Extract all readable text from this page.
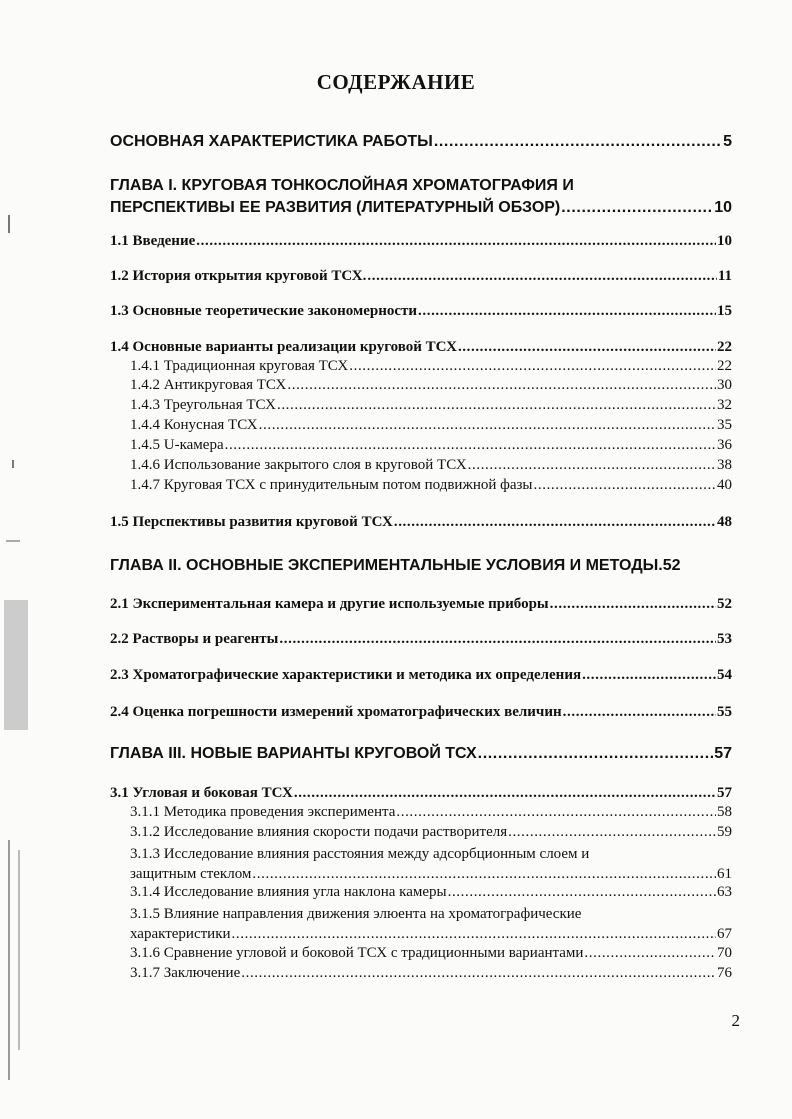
СОДЕРЖАНИЕ
ОСНОВНАЯ ХАРАКТЕРИСТИКА РАБОТЫ .....	5
ГЛАВА I. КРУГОВАЯ ТОНКОСЛОЙНАЯ ХРОМАТОГРАФИЯ И
ПЕРСПЕКТИВЫ ЕЕ РАЗВИТИЯ (ЛИТЕРАТУРНЫЙ ОБЗОР) .....	10
1.1 Введение .....	10
1.2 История открытия круговой ТСХ. .....	11
1.3 Основные теоретические закономерности .....	15
1.4 Основные варианты реализации круговой ТСХ .....	22
1.4.1 Традиционная круговая ТСХ .....	22
1.4.2 Антикруговая ТСХ .....	30
1.4.3 Треугольная ТСХ .....	32
1.4.4 Конусная ТСХ .....	35
1.4.5 U-камера .....	36
1.4.6 Использование закрытого слоя в круговой ТСХ .....	38
1.4.7 Круговая ТСХ с принудительным потом подвижной фазы .....	40
1.5 Перспективы развития круговой ТСХ .....	48
ГЛАВА II. ОСНОВНЫЕ ЭКСПЕРИМЕНТАЛЬНЫЕ УСЛОВИЯ И МЕТОДЫ. 52
2.1 Экспериментальная камера и другие используемые приборы .....	52
2.2 Растворы и реагенты .....	53
2.3 Хроматографические характеристики и методика их определения .....	54
2.4 Оценка погрешности измерений хроматографических величин .....	55
ГЛАВА III. НОВЫЕ ВАРИАНТЫ КРУГОВОЙ ТСХ .....	57
3.1 Угловая и боковая ТСХ .....	57
3.1.1 Методика проведения эксперимента .....	58
3.1.2 Исследование влияния скорости подачи растворителя .....	59
3.1.3 Исследование влияния расстояния между адсорбционным слоем и
защитным стеклом .....	61
3.1.4 Исследование влияния угла наклона камеры .....	63
3.1.5 Влияние направления движения элюента на хроматографические
характеристики .....	67
3.1.6 Сравнение угловой и боковой ТСХ с традиционными вариантами .....	70
3.1.7 Заключение .....	76
2
